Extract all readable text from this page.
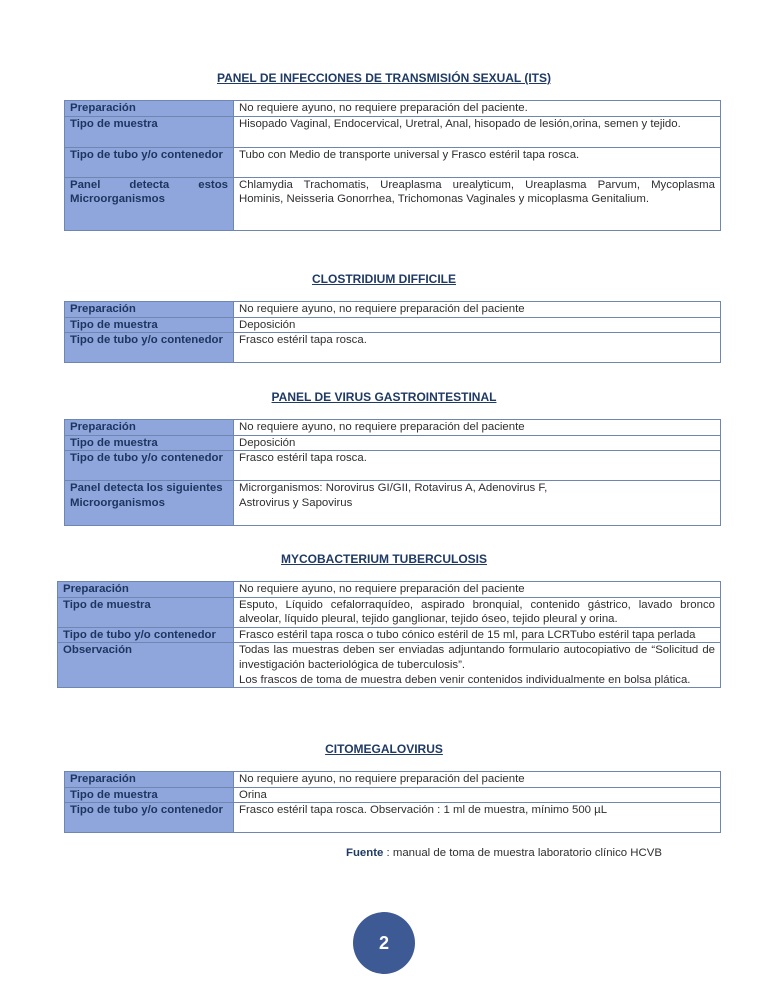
PANEL DE INFECCIONES DE TRANSMISIÓN SEXUAL (ITS)
Preparación	No requiere ayuno, no requiere preparación del paciente.
Tipo de muestra	Hisopado Vaginal, Endocervical, Uretral, Anal, hisopado de lesión,orina, semen y tejido.
Tipo de tubo y/o contenedor	Tubo con Medio de transporte universal y Frasco estéril tapa rosca.
Panel detecta estos Microorganismos	Chlamydia Trachomatis, Ureaplasma urealyticum, Ureaplasma Parvum, Mycoplasma Hominis, Neisseria Gonorrhea, Trichomonas Vaginales y micoplasma Genitalium.
CLOSTRIDIUM DIFFICILE
Preparación	No requiere ayuno, no requiere preparación del paciente
Tipo de muestra	Deposición
Tipo de tubo y/o contenedor	Frasco estéril tapa rosca.
PANEL DE VIRUS GASTROINTESTINAL
Preparación	No requiere ayuno, no requiere preparación del paciente
Tipo de muestra	Deposición
Tipo de tubo y/o contenedor	Frasco estéril tapa rosca.
Panel detecta los siguientes Microorganismos	Microrganismos: Norovirus GI/GII, Rotavirus A, Adenovirus F, Astrovirus y Sapovirus
MYCOBACTERIUM TUBERCULOSIS
Preparación	No requiere ayuno, no requiere preparación del paciente
Tipo de muestra	Esputo, Líquido cefalorraquídeo, aspirado bronquial, contenido gástrico, lavado bronco alveolar, líquido pleural, tejido ganglionar, tejido óseo, tejido pleural y orina.
Tipo de tubo y/o contenedor	Frasco estéril tapa rosca o tubo cónico estéril de 15 ml, para LCRTubo estéril tapa perlada
Observación	Todas las muestras deben ser enviadas adjuntando formulario autocopiativo de “Solicitud de investigación bacteriológica de tuberculosis”.
Los frascos de toma de muestra deben venir contenidos individualmente en bolsa plática.
CITOMEGALOVIRUS
Preparación	No requiere ayuno, no requiere preparación del paciente
Tipo de muestra	Orina
Tipo de tubo y/o contenedor	Frasco estéril tapa rosca. Observación : 1 ml de muestra, mínimo 500 µL
Fuente : manual de toma de muestra laboratorio clínico HCVB
2
